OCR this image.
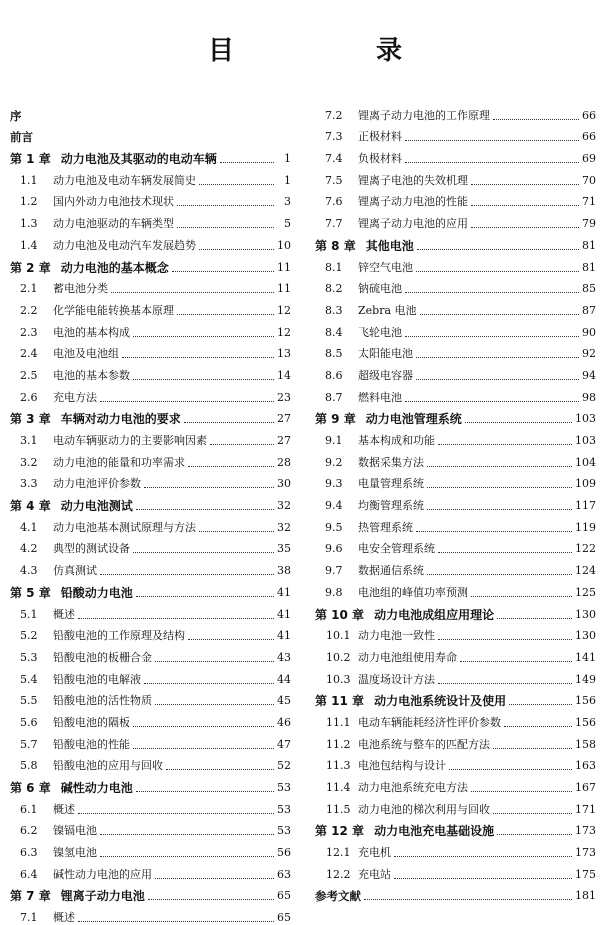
目　录
序
前言
第 1 章 动力电池及其驱动的电动车辆	1
1.1	动力电池及电动车辆发展简史	1
1.2	国内外动力电池技术现状	3
1.3	动力电池驱动的车辆类型	5
1.4	动力电池及电动汽车发展趋势	10
第 2 章 动力电池的基本概念	11
2.1	蓄电池分类	11
2.2	化学能电能转换基本原理	12
2.3	电池的基本构成	12
2.4	电池及电池组	13
2.5	电池的基本参数	14
2.6	充电方法	23
第 3 章 车辆对动力电池的要求	27
3.1	电动车辆驱动力的主要影响因素	27
3.2	动力电池的能量和功率需求	28
3.3	动力电池评价参数	30
第 4 章 动力电池测试	32
4.1	动力电池基本测试原理与方法	32
4.2	典型的测试设备	35
4.3	仿真测试	38
第 5 章 铅酸动力电池	41
5.1	概述	41
5.2	铅酸电池的工作原理及结构	41
5.3	铅酸电池的板栅合金	43
5.4	铅酸电池的电解液	44
5.5	铅酸电池的活性物质	45
5.6	铅酸电池的隔板	46
5.7	铅酸电池的性能	47
5.8	铅酸电池的应用与回收	52
第 6 章 碱性动力电池	53
6.1	概述	53
6.2	镍镉电池	53
6.3	镍氢电池	56
6.4	碱性动力电池的应用	63
第 7 章 锂离子动力电池	65
7.1	概述	65
7.2	锂离子动力电池的工作原理	66
7.3	正极材料	66
7.4	负极材料	69
7.5	锂离子电池的失效机理	70
7.6	锂离子动力电池的性能	71
7.7	锂离子动力电池的应用	79
第 8 章 其他电池	81
8.1	锌空气电池	81
8.2	钠硫电池	85
8.3	Zebra 电池	87
8.4	飞轮电池	90
8.5	太阳能电池	92
8.6	超级电容器	94
8.7	燃料电池	98
第 9 章 动力电池管理系统	103
9.1	基本构成和功能	103
9.2	数据采集方法	104
9.3	电量管理系统	109
9.4	均衡管理系统	117
9.5	热管理系统	119
9.6	电安全管理系统	122
9.7	数据通信系统	124
9.8	电池组的峰值功率预测	125
第 10 章 动力电池成组应用理论	130
10.1 动力电池一致性	130
10.2 动力电池组使用寿命	141
10.3 温度场设计方法	149
第 11 章 动力电池系统设计及使用	156
11.1 电动车辆能耗经济性评价参数	156
11.2 电池系统与整车的匹配方法	158
11.3 电池包结构与设计	163
11.4 动力电池系统充电方法	167
11.5 动力电池的梯次利用与回收	171
第 12 章 动力电池充电基础设施	173
12.1 充电机	173
12.2 充电站	175
参考文献	181
